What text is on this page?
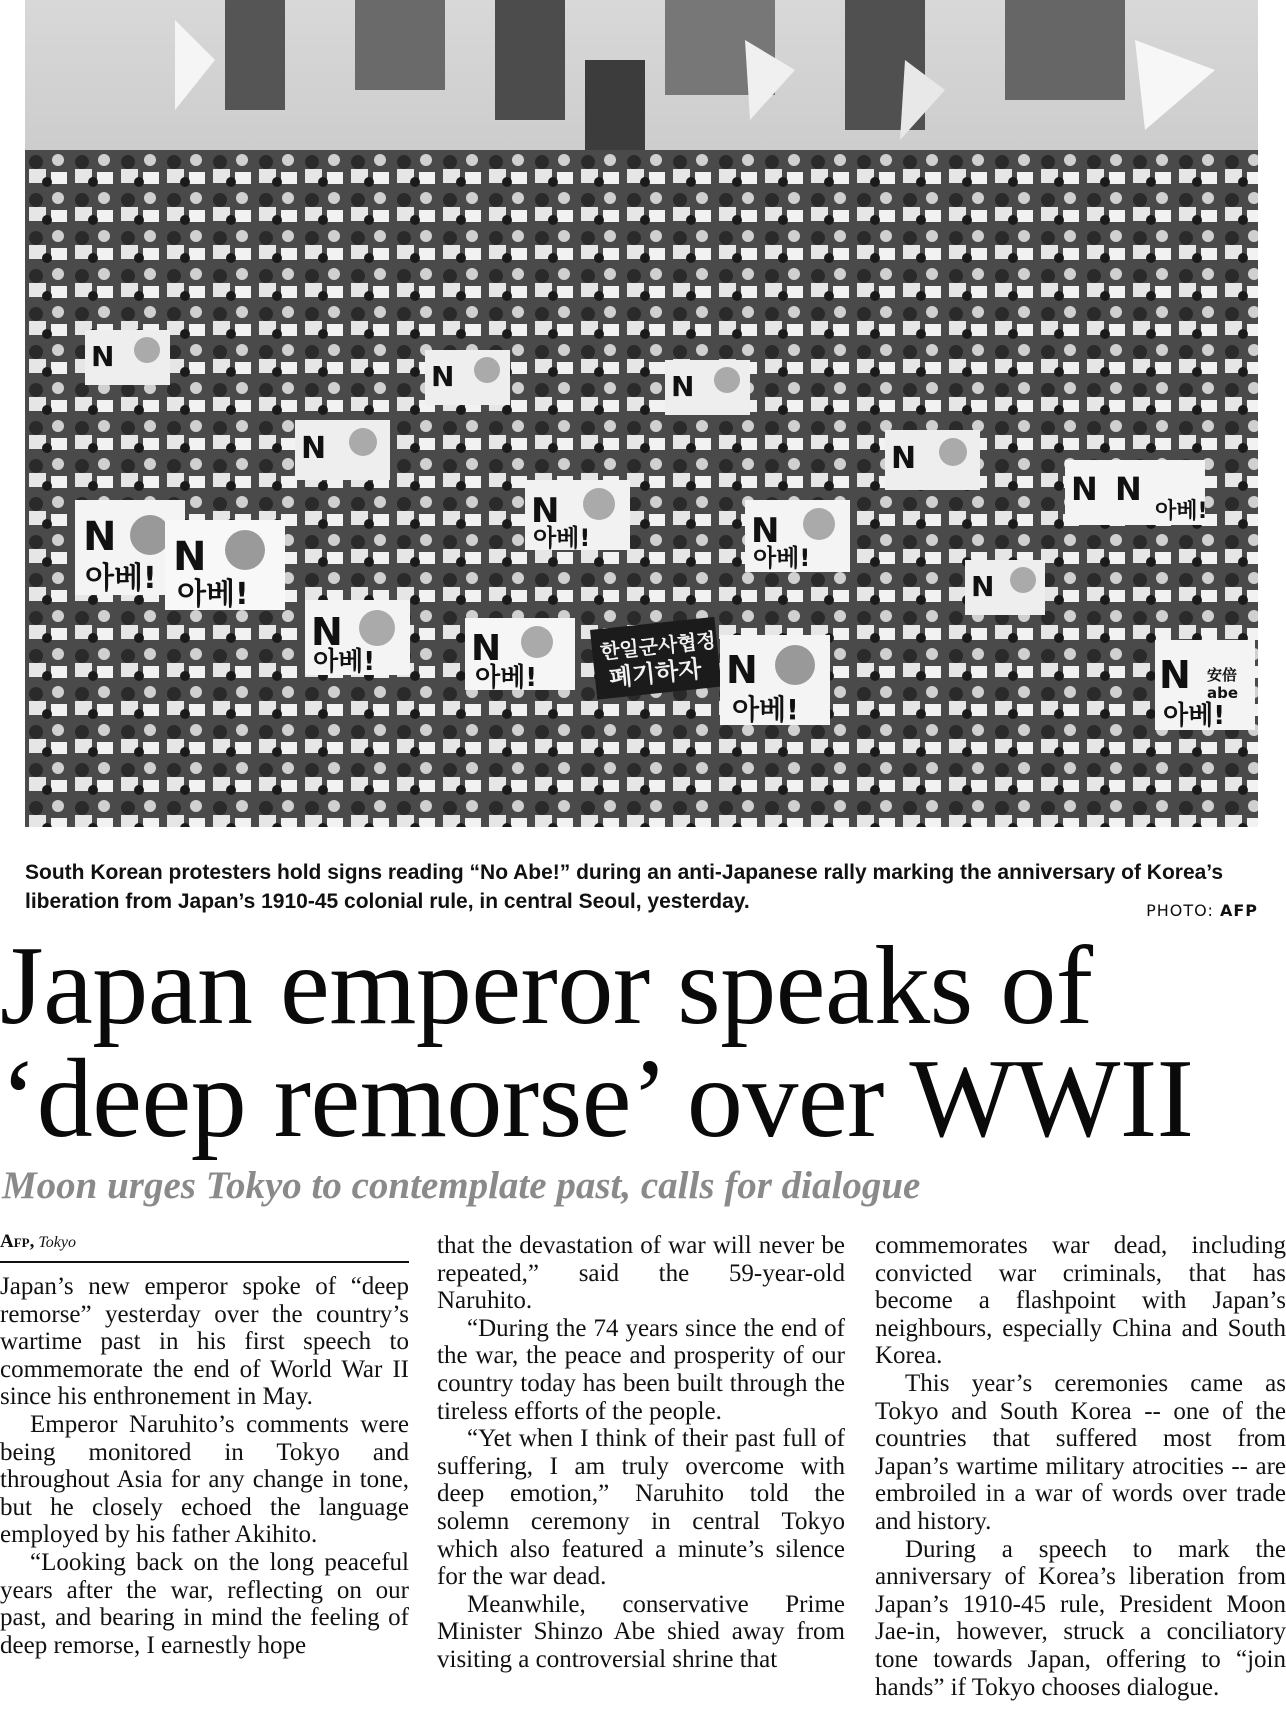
N
아베! N
아베!
N
아베!	N
아베!
한일군사협정
폐기하자 N
아베!
N 安倍
abe
아베!
N
아베!	N
아베!
N N
아베!
N	N
N
N
N	N
South Korean protesters hold signs reading “No Abe!” during an anti-Japanese rally marking the anniversary of Korea’s liberation from Japan’s 1910-45 colonial rule, in central Seoul, yesterday.	PHOTO: AFP
Japan emperor speaks of
‘deep remorse’ over WWII
Moon urges Tokyo to contemplate past, calls for dialogue
Afp, Tokyo

Japan’s new emperor spoke of “deep remorse” yesterday over the country’s wartime past in his first speech to commemorate the end of World War II since his enthronement in May.

Emperor Naruhito’s comments were being monitored in Tokyo and throughout Asia for any change in tone, but he closely echoed the language employed by his father Akihito.

“Looking back on the long peaceful years after the war, reflecting on our past, and bearing in mind the feeling of deep remorse, I earnestly hope

that the devastation of war will never be repeated,” said the 59-year-old Naruhito.

“During the 74 years since the end of the war, the peace and prosperity of our country today has been built through the tireless efforts of the people.

“Yet when I think of their past full of suffering, I am truly overcome with deep emotion,” Naruhito told the solemn ceremony in central Tokyo which also featured a minute’s silence for the war dead.

Meanwhile, conservative Prime Minister Shinzo Abe shied away from visiting a controversial shrine that

commemorates war dead, including convicted war criminals, that has become a flashpoint with Japan’s neighbours, especially China and South Korea.

This year’s ceremonies came as Tokyo and South Korea -- one of the countries that suffered most from Japan’s wartime military atrocities -- are embroiled in a war of words over trade and history.

During a speech to mark the anniversary of Korea’s liberation from Japan’s 1910-45 rule, President Moon Jae-in, however, struck a conciliatory tone towards Japan, offering to “join hands” if Tokyo chooses dialogue.
